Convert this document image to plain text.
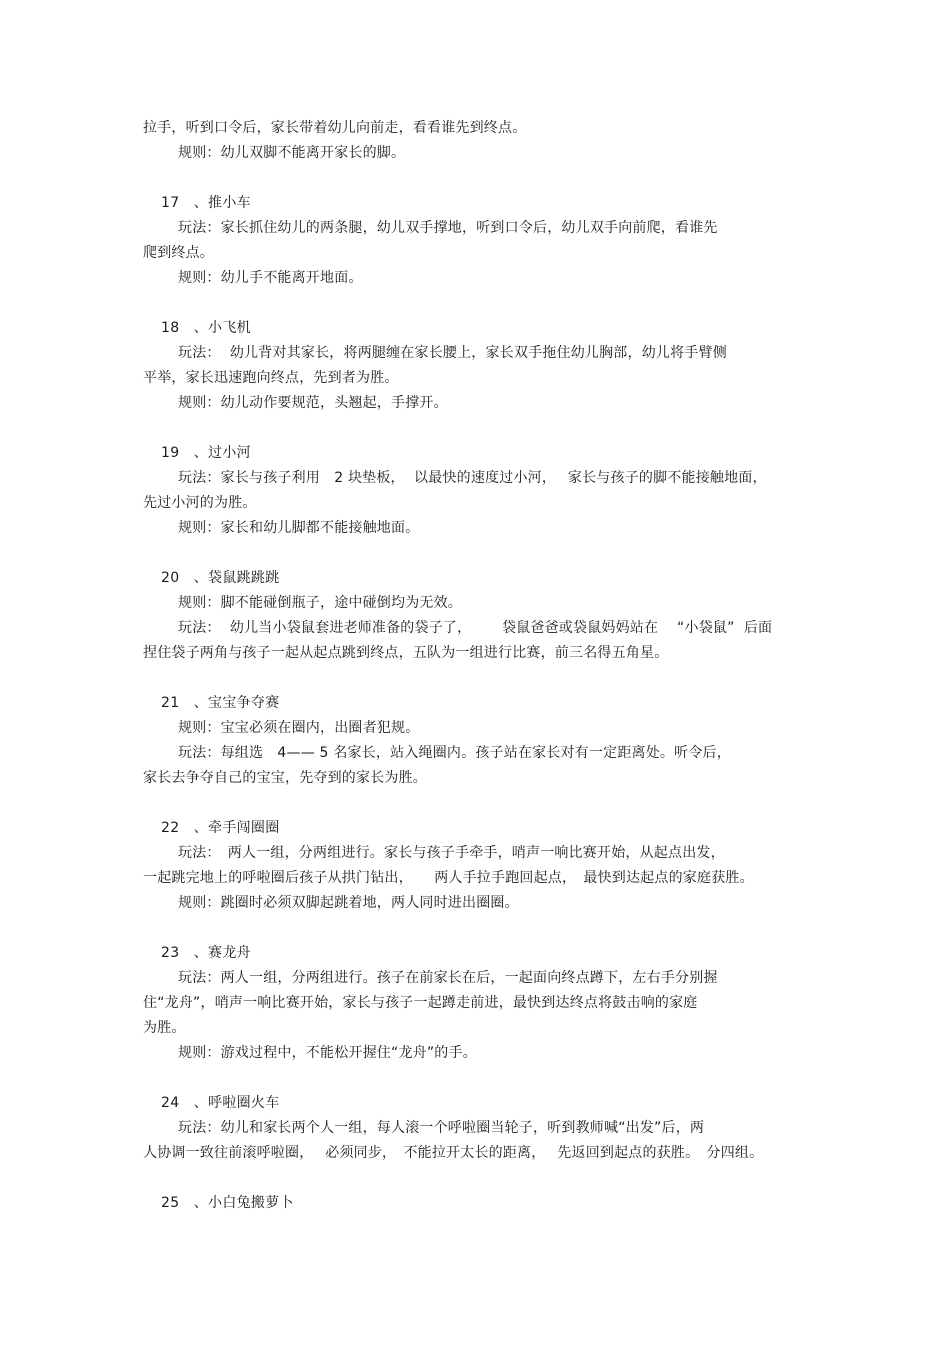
拉手，听到口令后，家长带着幼儿向前走，看看谁先到终点。
规则：幼儿双脚不能离开家长的脚。
17　、推小车
玩法：家长抓住幼儿的两条腿，幼儿双手撑地，听到口令后，幼儿双手向前爬，看谁先
爬到终点。
规则：幼儿手不能离开地面。
18　、小飞机
玩法：  幼儿背对其家长，将两腿缠在家长腰上，家长双手拖住幼儿胸部，幼儿将手臂侧
平举，家长迅速跑向终点，先到者为胜。
规则：幼儿动作要规范，头翘起，手撑开。
19　、过小河
玩法：家长与孩子利用　2 块垫板，  以最快的速度过小河，　 家长与孩子的脚不能接触地面，
先过小河的为胜。
规则：家长和幼儿脚都不能接触地面。
20　、袋鼠跳跳跳
规则：脚不能碰倒瓶子，途中碰倒均为无效。
玩法：  幼儿当小袋鼠套进老师准备的袋子了，　　  袋鼠爸爸或袋鼠妈妈站在　 “小袋鼠”  后面
捏住袋子两角与孩子一起从起点跳到终点，五队为一组进行比赛，前三名得五角星。
21　、宝宝争夺赛
规则：宝宝必须在圈内，出圈者犯规。
玩法：每组选　4—— 5 名家长，站入绳圈内。孩子站在家长对有一定距离处。听令后，
家长去争夺自己的宝宝，先夺到的家长为胜。
22　、牵手闯圈圈
玩法：　两人一组，分两组进行。家长与孩子手牵手，哨声一响比赛开始，从起点出发，
一起跳完地上的呼啦圈后孩子从拱门钻出，　　两人手拉手跑回起点，　最快到达起点的家庭获胜。
规则：跳圈时必须双脚起跳着地，两人同时进出圈圈。
23　、赛龙舟
玩法：两人一组，分两组进行。孩子在前家长在后，一起面向终点蹲下，左右手分别握
住“龙舟”，哨声一响比赛开始，家长与孩子一起蹲走前进，最快到达终点将鼓击响的家庭
为胜。
规则：游戏过程中，不能松开握住“龙舟”的手。
24　、呼啦圈火车
玩法：幼儿和家长两个人一组，每人滚一个呼啦圈当轮子，听到教师喊“出发”后，两
人协调一致往前滚呼啦圈，　 必须同步，　不能拉开太长的距离，　 先返回到起点的获胜。　分四组。
25　、小白兔搬萝卜
